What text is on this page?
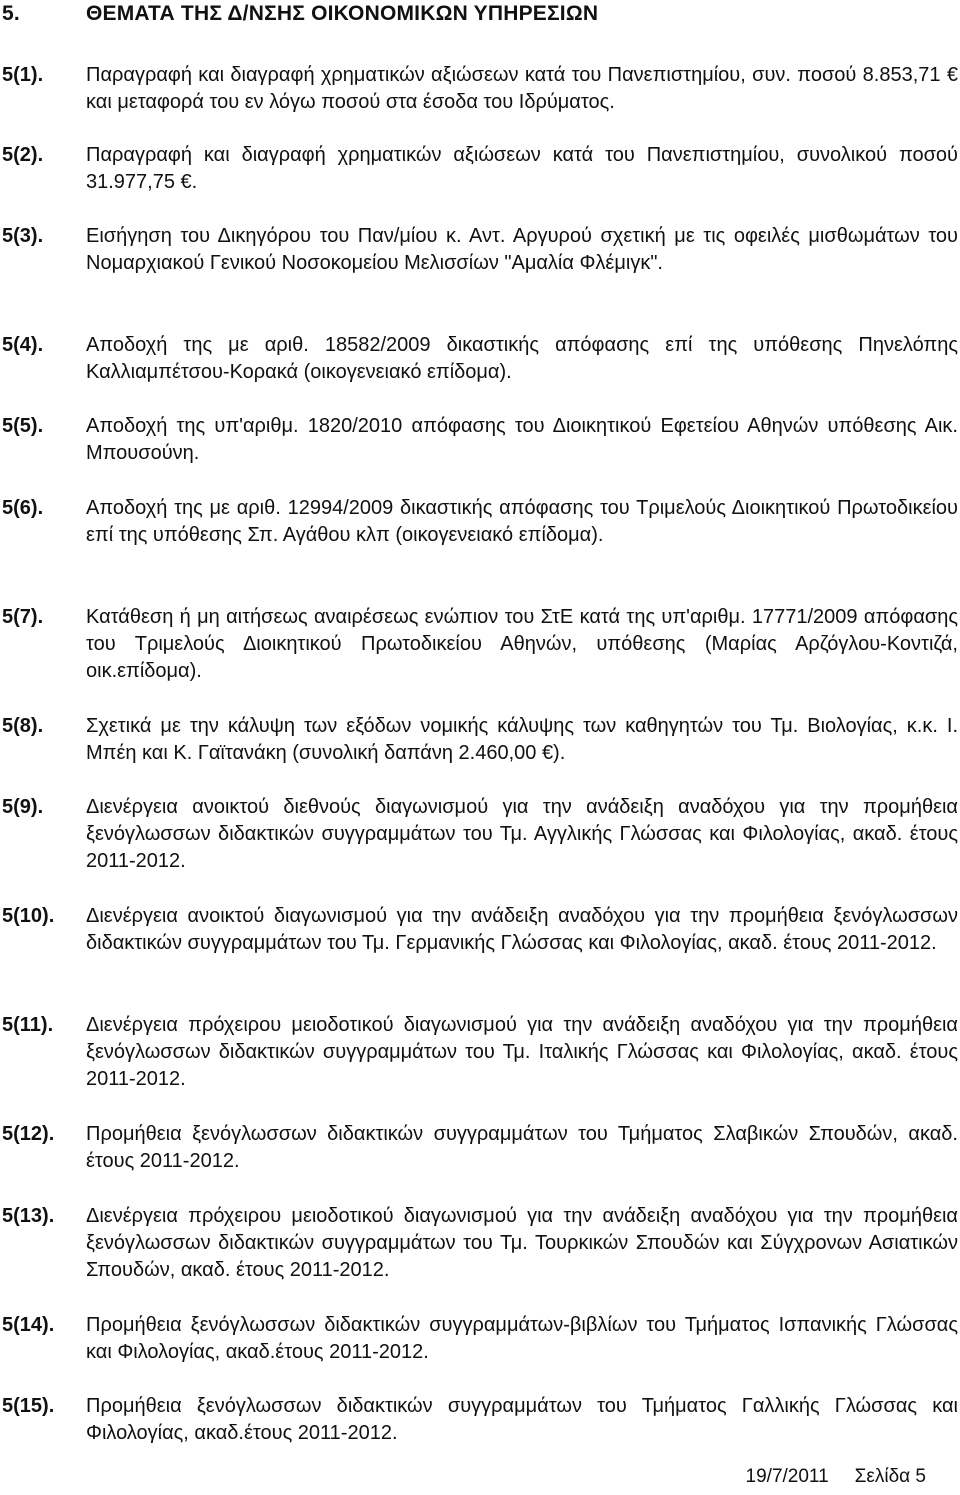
5.	ΘΕΜΑΤΑ ΤΗΣ Δ/ΝΣΗΣ ΟΙΚΟΝΟΜΙΚΩΝ ΥΠΗΡΕΣΙΩΝ
5(1). Παραγραφή και διαγραφή χρηματικών αξιώσεων κατά του Πανεπιστημίου, συν. ποσού 8.853,71 € και μεταφορά του εν λόγω ποσού στα έσοδα του Ιδρύματος.
5(2). Παραγραφή και διαγραφή χρηματικών αξιώσεων κατά του Πανεπιστημίου, συνολικού ποσού 31.977,75 €.
5(3). Εισήγηση του Δικηγόρου του Παν/μίου κ. Αντ. Αργυρού σχετική με τις οφειλές μισθωμάτων του Νομαρχιακού Γενικού Νοσοκομείου Μελισσίων "Αμαλία Φλέμιγκ".
5(4). Αποδοχή της με αριθ. 18582/2009 δικαστικής απόφασης επί της υπόθεσης Πηνελόπης Καλλιαμπέτσου-Κορακά (οικογενειακό επίδομα).
5(5). Αποδοχή της υπ'αριθμ. 1820/2010 απόφασης του Διοικητικού Εφετείου Αθηνών υπόθεσης Αικ. Μπουσούνη.
5(6). Αποδοχή της με αριθ. 12994/2009 δικαστικής απόφασης του Τριμελούς Διοικητικού Πρωτοδικείου επί της υπόθεσης Σπ. Αγάθου κλπ (οικογενειακό επίδομα).
5(7). Κατάθεση ή μη αιτήσεως αναιρέσεως ενώπιον του ΣτΕ κατά της υπ'αριθμ. 17771/2009 απόφασης του Τριμελούς Διοικητικού Πρωτοδικείου Αθηνών, υπόθεσης (Μαρίας Αρζόγλου-Κοντιζά, οικ.επίδομα).
5(8). Σχετικά με την κάλυψη των εξόδων νομικής κάλυψης των καθηγητών του Τμ. Βιολογίας, κ.κ. Ι. Μπέη και Κ. Γαϊτανάκη (συνολική δαπάνη 2.460,00 €).
5(9). Διενέργεια ανοικτού διεθνούς διαγωνισμού για την ανάδειξη αναδόχου για την προμήθεια ξενόγλωσσων διδακτικών συγγραμμάτων του Τμ. Αγγλικής Γλώσσας και Φιλολογίας, ακαδ. έτους 2011-2012.
5(10). Διενέργεια ανοικτού διαγωνισμού για την ανάδειξη αναδόχου για την προμήθεια ξενόγλωσσων διδακτικών συγγραμμάτων του Τμ. Γερμανικής Γλώσσας και Φιλολογίας, ακαδ. έτους 2011-2012.
5(11). Διενέργεια πρόχειρου μειοδοτικού διαγωνισμού για την ανάδειξη αναδόχου για την προμήθεια ξενόγλωσσων διδακτικών συγγραμμάτων του Τμ. Ιταλικής Γλώσσας και Φιλολογίας, ακαδ. έτους 2011-2012.
5(12). Προμήθεια ξενόγλωσσων διδακτικών συγγραμμάτων του Τμήματος Σλαβικών Σπουδών, ακαδ. έτους 2011-2012.
5(13). Διενέργεια πρόχειρου μειοδοτικού διαγωνισμού για την ανάδειξη αναδόχου για την προμήθεια ξενόγλωσσων διδακτικών συγγραμμάτων του Τμ. Τουρκικών Σπουδών και Σύγχρονων Ασιατικών Σπουδών, ακαδ. έτους 2011-2012.
5(14). Προμήθεια ξενόγλωσσων διδακτικών συγγραμμάτων-βιβλίων του Τμήματος Ισπανικής Γλώσσας και Φιλολογίας, ακαδ.έτους 2011-2012.
5(15). Προμήθεια ξενόγλωσσων διδακτικών συγγραμμάτων του Τμήματος Γαλλικής Γλώσσας και Φιλολογίας, ακαδ.έτους 2011-2012.
19/7/2011 Σελίδα 5
